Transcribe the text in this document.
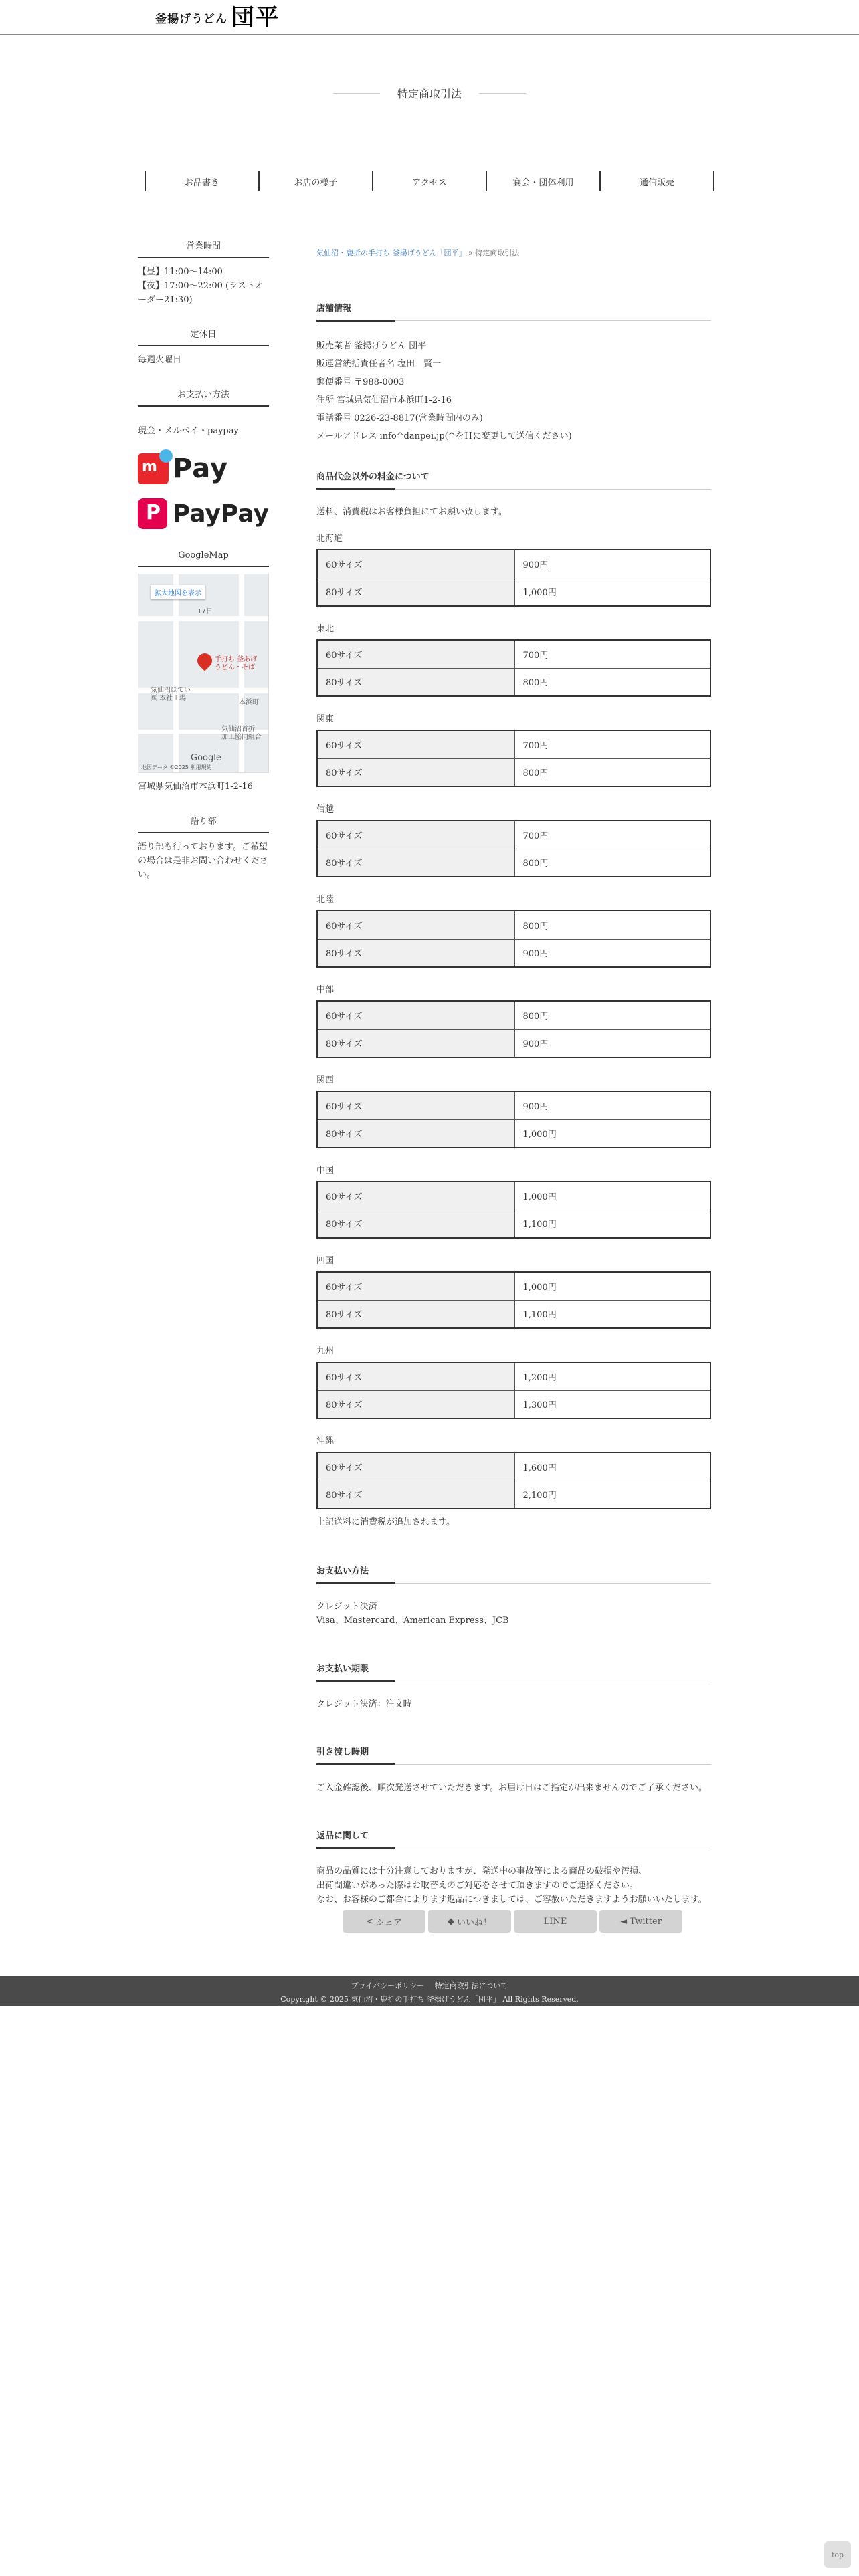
釜揚げうどん 団平
特定商取引法
お品書き	お店の様子	アクセス	宴会・団体利用	通信販売
営業時間
【昼】11:00～14:00
【夜】17:00～22:00 (ラストオーダー21:30)
定休日
毎週火曜日
お支払い方法
現金・メルペイ・paypay
m Pay
P PayPay
GoogleMap
拡大地図を表示
17日
手打ち 釜あげ
うどん・そば
気仙沼ほてい
㈱ 本社工場
本浜町
気仙沼首折
加工協同組合
Google
地図データ ©2025 利用規約
宮城県気仙沼市本浜町1-2-16
語り部
語り部も行っております。ご希望の場合は是非お問い合わせください。
気仙沼・鹿折の手打ち 釜揚げうどん「団平」 » 特定商取引法
店舗情報
販売業者 釜揚げうどん 団平
販運営統括責任者名 塩田　賢一
郵便番号 〒988-0003
住所 宮城県気仙沼市本浜町1-2-16
電話番号 0226-23-8817(営業時間内のみ)
メールアドレス info^danpei.jp(^をＨに変更して送信ください)
商品代金以外の料金について
送料、消費税はお客様負担にてお願い致します。
北海道
60サイズ	900円
80サイズ	1,000円
東北
60サイズ	700円
80サイズ	800円
関東
60サイズ	700円
80サイズ	800円
信越
60サイズ	700円
80サイズ	800円
北陸
60サイズ	800円
80サイズ	900円
中部
60サイズ	800円
80サイズ	900円
関西
60サイズ	900円
80サイズ	1,000円
中国
60サイズ	1,000円
80サイズ	1,100円
四国
60サイズ	1,000円
80サイズ	1,100円
九州
60サイズ	1,200円
80サイズ	1,300円
沖縄
60サイズ	1,600円
80サイズ	2,100円
上記送料に消費税が追加されます。
お支払い方法
クレジット決済
Visa、Mastercard、American Express、JCB
お支払い期限
クレジット決済：注文時
引き渡し時期
ご入金確認後、順次発送させていただきます。お届け日はご指定が出来ませんのでご了承ください。
返品に関して
商品の品質には十分注意しておりますが、発送中の事故等による商品の破損や汚損、
出荷間違いがあった際はお取替えのご対応をさせて頂きますのでご連絡ください。
なお、お客様のご都合によります返品につきましては、ご容赦いただきますようお願いいたします。
< シェア	◆ いいね！	LINE	◄ Twitter
プライバシーポリシー 特定商取引法について
Copyright © 2025 気仙沼・鹿折の手打ち 釜揚げうどん「団平」 All Rights Reserved.
top
